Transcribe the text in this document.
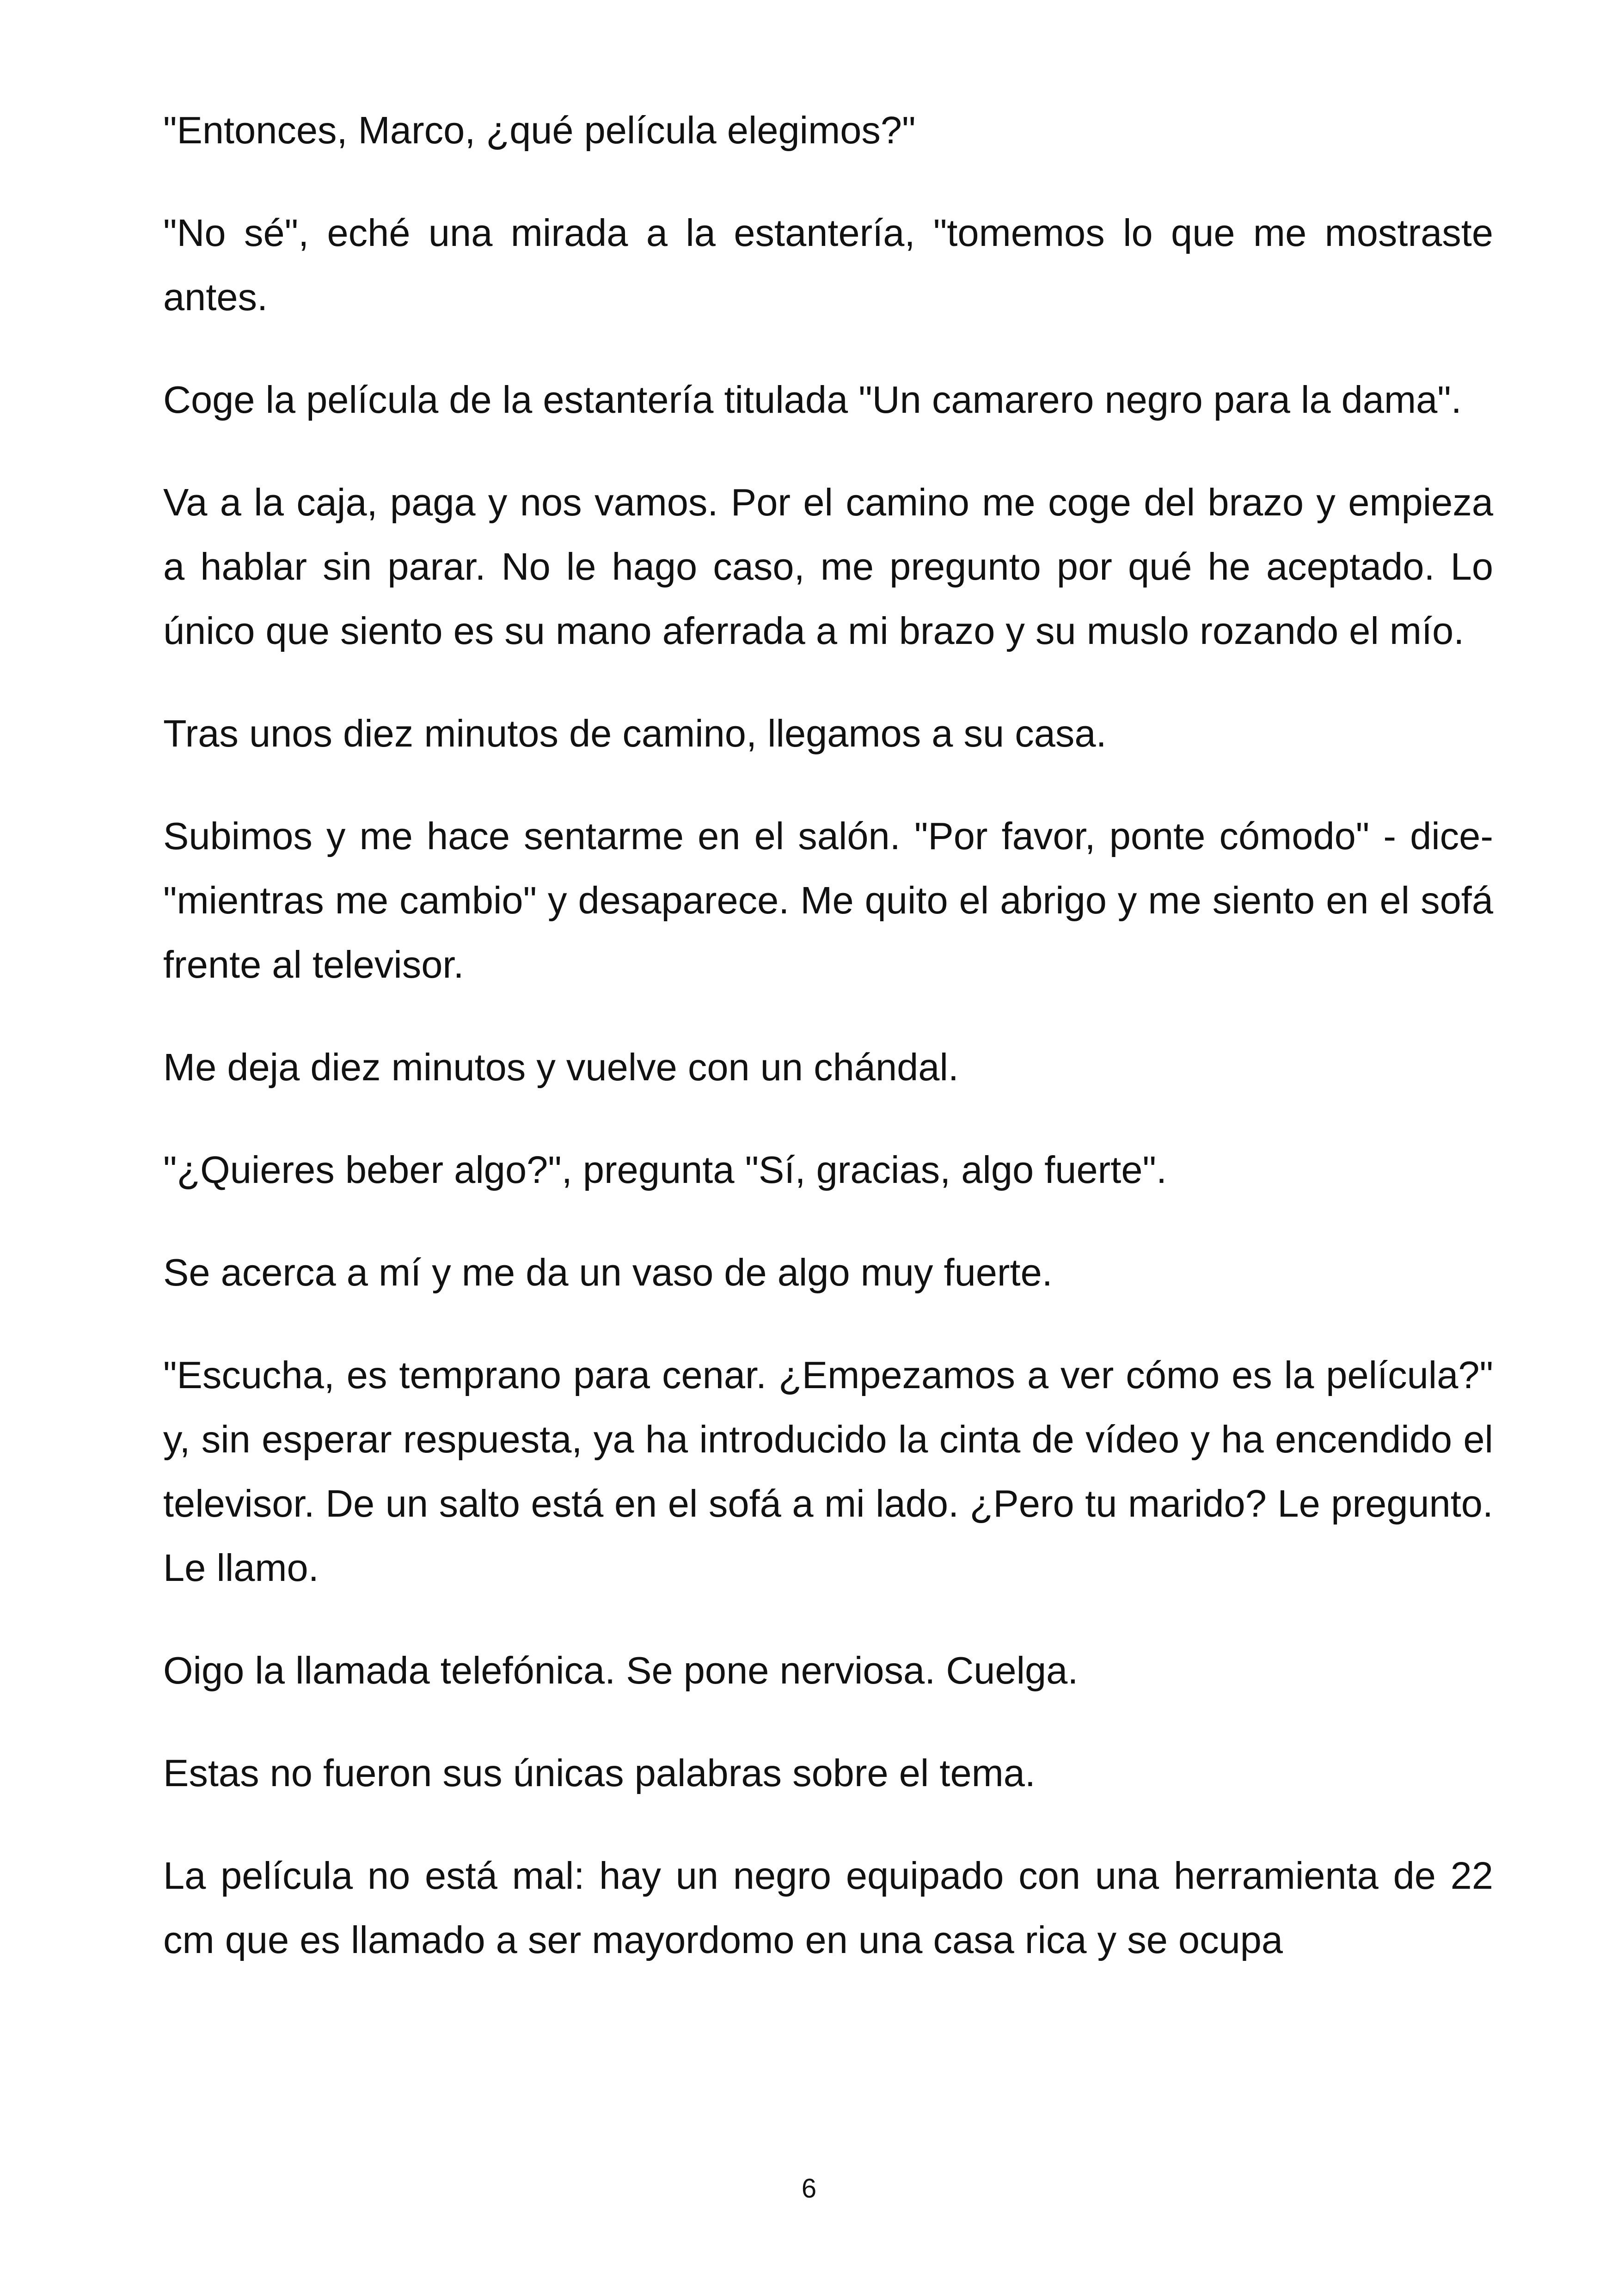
"Entonces, Marco, ¿qué película elegimos?"

"No sé", eché una mirada a la estantería, "tomemos lo que me mostraste antes.

Coge la película de la estantería titulada "Un camarero negro para la dama".

Va a la caja, paga y nos vamos. Por el camino me coge del brazo y empieza a hablar sin parar. No le hago caso, me pregunto por qué he aceptado. Lo único que siento es su mano aferrada a mi brazo y su muslo rozando el mío.

Tras unos diez minutos de camino, llegamos a su casa.

Subimos y me hace sentarme en el salón. "Por favor, ponte cómodo" - dice- "mientras me cambio" y desaparece. Me quito el abrigo y me siento en el sofá frente al televisor.

Me deja diez minutos y vuelve con un chándal.

"¿Quieres beber algo?", pregunta "Sí, gracias, algo fuerte".

Se acerca a mí y me da un vaso de algo muy fuerte.

"Escucha, es temprano para cenar. ¿Empezamos a ver cómo es la película?" y, sin esperar respuesta, ya ha introducido la cinta de vídeo y ha encendido el televisor. De un salto está en el sofá a mi lado. ¿Pero tu marido? Le pregunto. Le llamo.

Oigo la llamada telefónica. Se pone nerviosa. Cuelga.

Estas no fueron sus únicas palabras sobre el tema.

La película no está mal: hay un negro equipado con una herramienta de 22 cm que es llamado a ser mayordomo en una casa rica y se ocupa

6
